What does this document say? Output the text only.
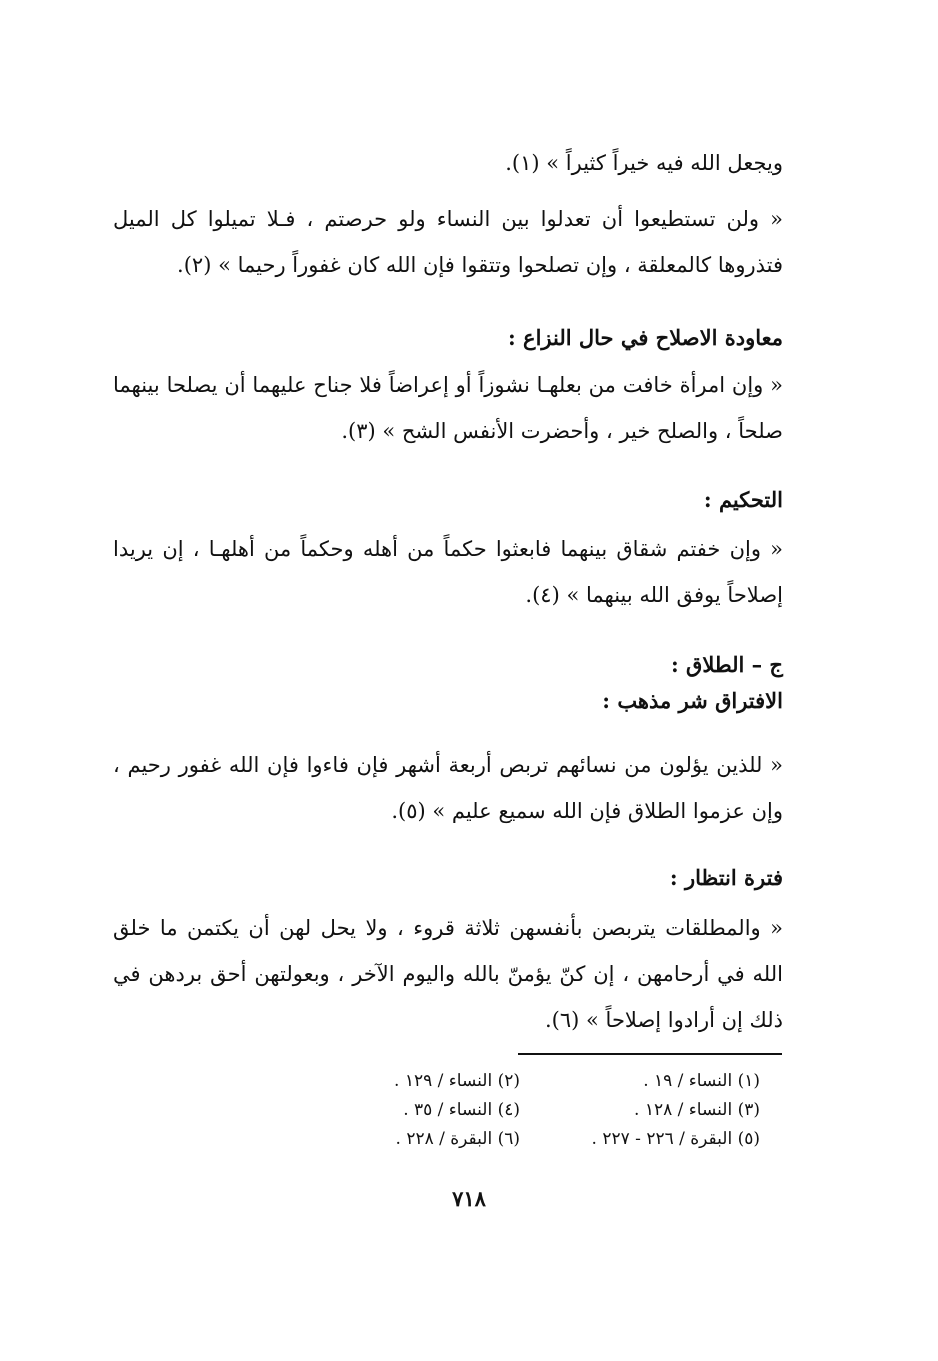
ويجعل الله فيه خيراً كثيراً » (١).

« ولن تستطيعوا أن تعدلوا بين النساء ولو حرصتم ، فـلا تميلوا كل الميل فتذروها كالمعلقة ، وإن تصلحوا وتتقوا فإن الله كان غفوراً رحيما » (٢).

معاودة الاصلاح في حال النزاع :

« وإن امرأة خافت من بعلهـا نشوزاً أو إعراضاً فلا جناح عليهما أن يصلحا بينهما صلحاً ، والصلح خير ، وأحضرت الأنفس الشح » (٣).

التحكيم :

« وإن خفتم شقاق بينهما فابعثوا حكماً من أهله وحكماً من أهلهـا ، إن يريدا إصلاحاً يوفق الله بينهما » (٤).

ج – الطلاق :

الافتراق شر مذهب :

« للذين يؤلون من نسائهم تربص أربعة أشهر فإن فاءوا فإن الله غفور رحيم ، وإن عزموا الطلاق فإن الله سميع عليم » (٥).

فترة انتظار :

« والمطلقات يتربصن بأنفسهن ثلاثة قروء ، ولا يحل لهن أن يكتمن ما خلق الله في أرحامهن ، إن كنّ يؤمنّ بالله واليوم الآخر ، وبعولتهن أحق بردهن في ذلك إن أرادوا إصلاحاً » (٦).

(١) النساء / ١٩ .
(٢) النساء / ١٢٩ .
(٣) النساء / ١٢٨ .
(٤) النساء / ٣٥ .
(٥) البقرة / ٢٢٦ - ٢٢٧ .
(٦) البقرة / ٢٢٨ .
٧١٨
